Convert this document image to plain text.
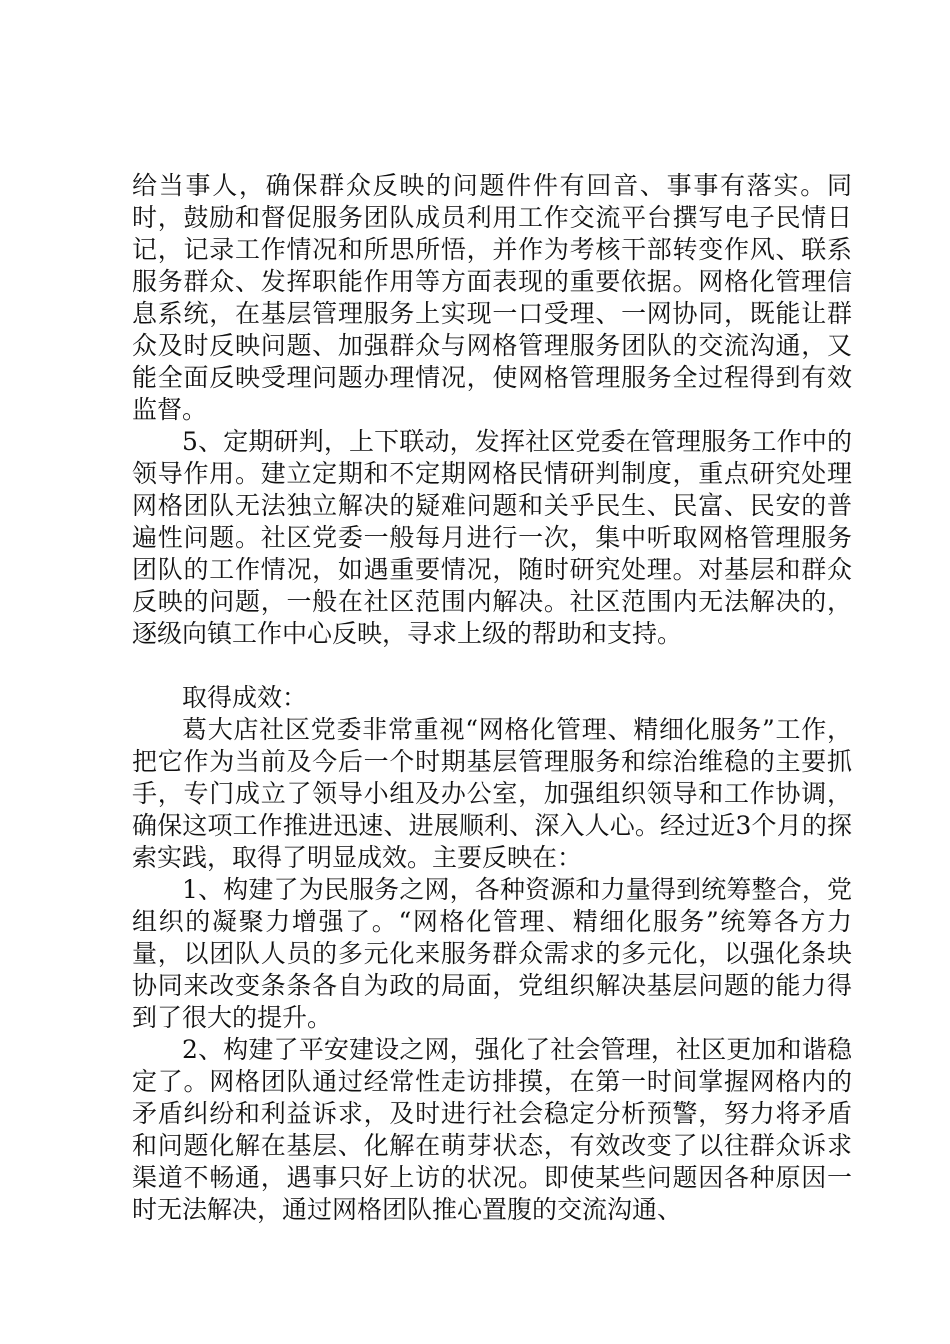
给当事人，确保群众反映的问题件件有回音、事事有落实。同时，鼓励和督促服务团队成员利用工作交流平台撰写电子民情日记，记录工作情况和所思所悟，并作为考核干部转变作风、联系服务群众、发挥职能作用等方面表现的重要依据。网格化管理信息系统，在基层管理服务上实现一口受理、一网协同，既能让群众及时反映问题、加强群众与网格管理服务团队的交流沟通，又能全面反映受理问题办理情况，使网格管理服务全过程得到有效监督。

5、定期研判，上下联动，发挥社区党委在管理服务工作中的领导作用。建立定期和不定期网格民情研判制度，重点研究处理网格团队无法独立解决的疑难问题和关乎民生、民富、民安的普遍性问题。社区党委一般每月进行一次，集中听取网格管理服务团队的工作情况，如遇重要情况，随时研究处理。对基层和群众反映的问题，一般在社区范围内解决。社区范围内无法解决的，逐级向镇工作中心反映，寻求上级的帮助和支持。

取得成效：

葛大店社区党委非常重视“网格化管理、精细化服务”工作，把它作为当前及今后一个时期基层管理服务和综治维稳的主要抓手，专门成立了领导小组及办公室，加强组织领导和工作协调，确保这项工作推进迅速、进展顺利、深入人心。经过近3个月的探索实践，取得了明显成效。主要反映在：

1、构建了为民服务之网，各种资源和力量得到统筹整合，党组织的凝聚力增强了。“网格化管理、精细化服务”统筹各方力量，以团队人员的多元化来服务群众需求的多元化，以强化条块协同来改变条条各自为政的局面，党组织解决基层问题的能力得到了很大的提升。

2、构建了平安建设之网，强化了社会管理，社区更加和谐稳定了。网格团队通过经常性走访排摸，在第一时间掌握网格内的矛盾纠纷和利益诉求，及时进行社会稳定分析预警，努力将矛盾和问题化解在基层、化解在萌芽状态，有效改变了以往群众诉求渠道不畅通，遇事只好上访的状况。即使某些问题因各种原因一时无法解决，通过网格团队推心置腹的交流沟通、
